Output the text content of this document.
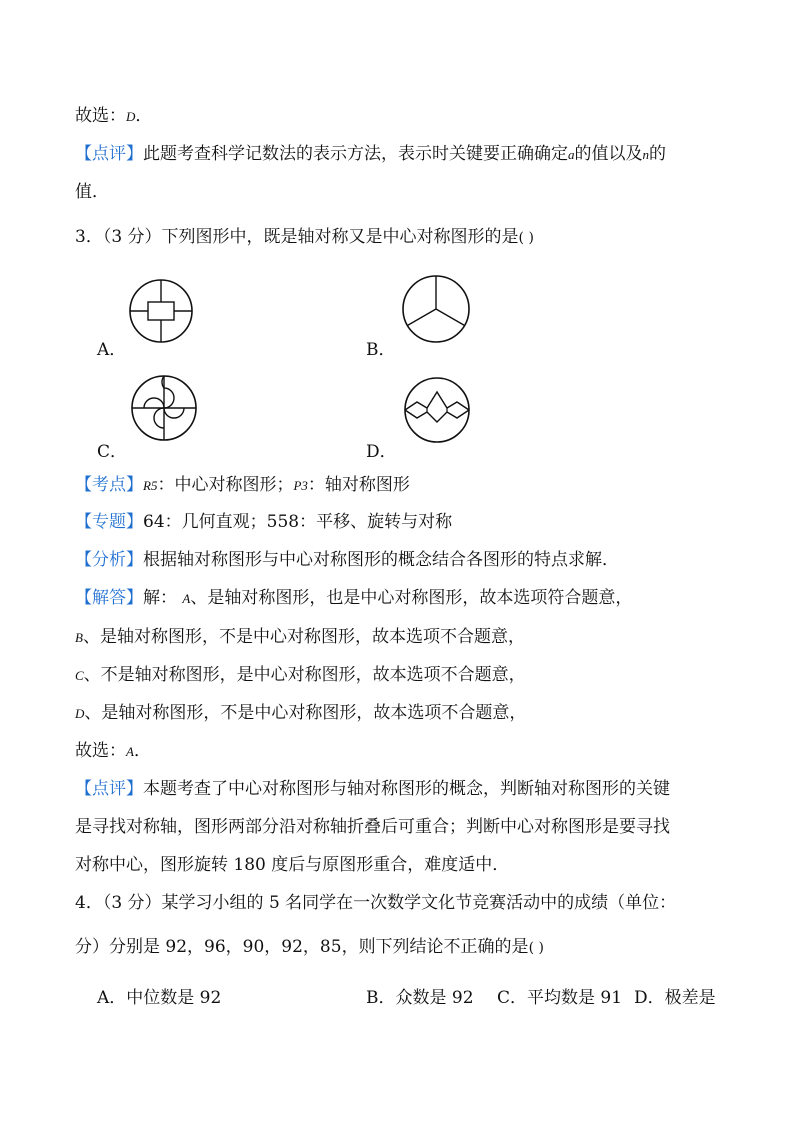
故选：D．
【点评】此题考查科学记数法的表示方法，表示时关键要正确确定a的值以及n的
值．
3．（3 分）下列图形中，既是轴对称又是中心对称图形的是( )
A．	B．
C．	D．
【考点】R5：中心对称图形；P3：轴对称图形
【专题】64：几何直观；558：平移、旋转与对称
【分析】根据轴对称图形与中心对称图形的概念结合各图形的特点求解．
【解答】解： A、是轴对称图形，也是中心对称图形，故本选项符合题意，
B、是轴对称图形，不是中心对称图形，故本选项不合题意，
C、不是轴对称图形，是中心对称图形，故本选项不合题意，
D、是轴对称图形，不是中心对称图形，故本选项不合题意，
故选：A．
【点评】本题考查了中心对称图形与轴对称图形的概念，判断轴对称图形的关键
是寻找对称轴，图形两部分沿对称轴折叠后可重合；判断中心对称图形是要寻找
对称中心，图形旋转 180 度后与原图形重合，难度适中．
4．（3 分）某学习小组的 5 名同学在一次数学文化节竞赛活动中的成绩（单位：
分）分别是 92，96，90，92，85，则下列结论不正确的是( )
A．中位数是 92	B．众数是 92 C．平均数是 91 D．极差是
